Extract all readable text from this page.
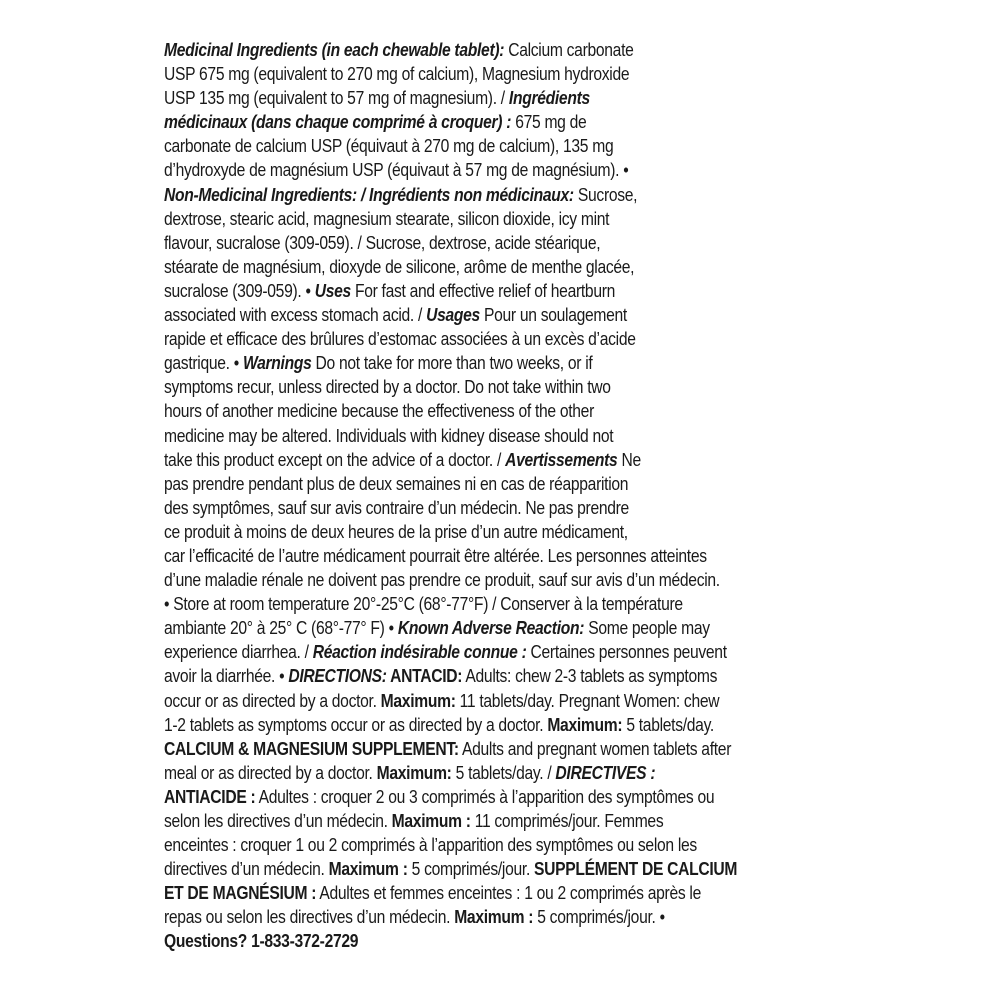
Medicinal Ingredients (in each chewable tablet): Calcium carbonate
USP 675 mg (equivalent to 270 mg of calcium), Magnesium hydroxide
USP 135 mg (equivalent to 57 mg of magnesium). / Ingrédients
médicinaux (dans chaque comprimé à croquer) : 675 mg de
carbonate de calcium USP (équivaut à 270 mg de calcium), 135 mg
d’hydroxyde de magnésium USP (équivaut à 57 mg de magnésium). •
Non-Medicinal Ingredients: / Ingrédients non médicinaux: Sucrose,
dextrose, stearic acid, magnesium stearate, silicon dioxide, icy mint
flavour, sucralose (309-059). / Sucrose, dextrose, acide stéarique,
stéarate de magnésium, dioxyde de silicone, arôme de menthe glacée,
sucralose (309-059). • Uses For fast and effective relief of heartburn
associated with excess stomach acid. / Usages Pour un soulagement
rapide et efficace des brûlures d’estomac associées à un excès d’acide
gastrique. • Warnings Do not take for more than two weeks, or if
symptoms recur, unless directed by a doctor. Do not take within two
hours of another medicine because the effectiveness of the other
medicine may be altered. Individuals with kidney disease should not
take this product except on the advice of a doctor. / Avertissements Ne
pas prendre pendant plus de deux semaines ni en cas de réapparition
des symptômes, sauf sur avis contraire d’un médecin. Ne pas prendre
ce produit à moins de deux heures de la prise d’un autre médicament,
car l’efficacité de l’autre médicament pourrait être altérée. Les personnes atteintes
d’une maladie rénale ne doivent pas prendre ce produit, sauf sur avis d’un médecin.
• Store at room temperature 20°-25°C (68°-77°F) / Conserver à la température
ambiante 20° à 25° C (68°-77° F) • Known Adverse Reaction: Some people may
experience diarrhea. / Réaction indésirable connue : Certaines personnes peuvent
avoir la diarrhée. • DIRECTIONS: ANTACID: Adults: chew 2-3 tablets as symptoms
occur or as directed by a doctor. Maximum: 11 tablets/day. Pregnant Women: chew
1-2 tablets as symptoms occur or as directed by a doctor. Maximum: 5 tablets/day.
CALCIUM & MAGNESIUM SUPPLEMENT: Adults and pregnant women tablets after
meal or as directed by a doctor. Maximum: 5 tablets/day. / DIRECTIVES :
ANTIACIDE : Adultes : croquer 2 ou 3 comprimés à l’apparition des symptômes ou
selon les directives d’un médecin. Maximum : 11 comprimés/jour. Femmes
enceintes : croquer 1 ou 2 comprimés à l’apparition des symptômes ou selon les
directives d’un médecin. Maximum : 5 comprimés/jour. SUPPLÉMENT DE CALCIUM
ET DE MAGNÉSIUM : Adultes et femmes enceintes : 1 ou 2 comprimés après le
repas ou selon les directives d’un médecin. Maximum : 5 comprimés/jour. •
Questions? 1-833-372-2729
